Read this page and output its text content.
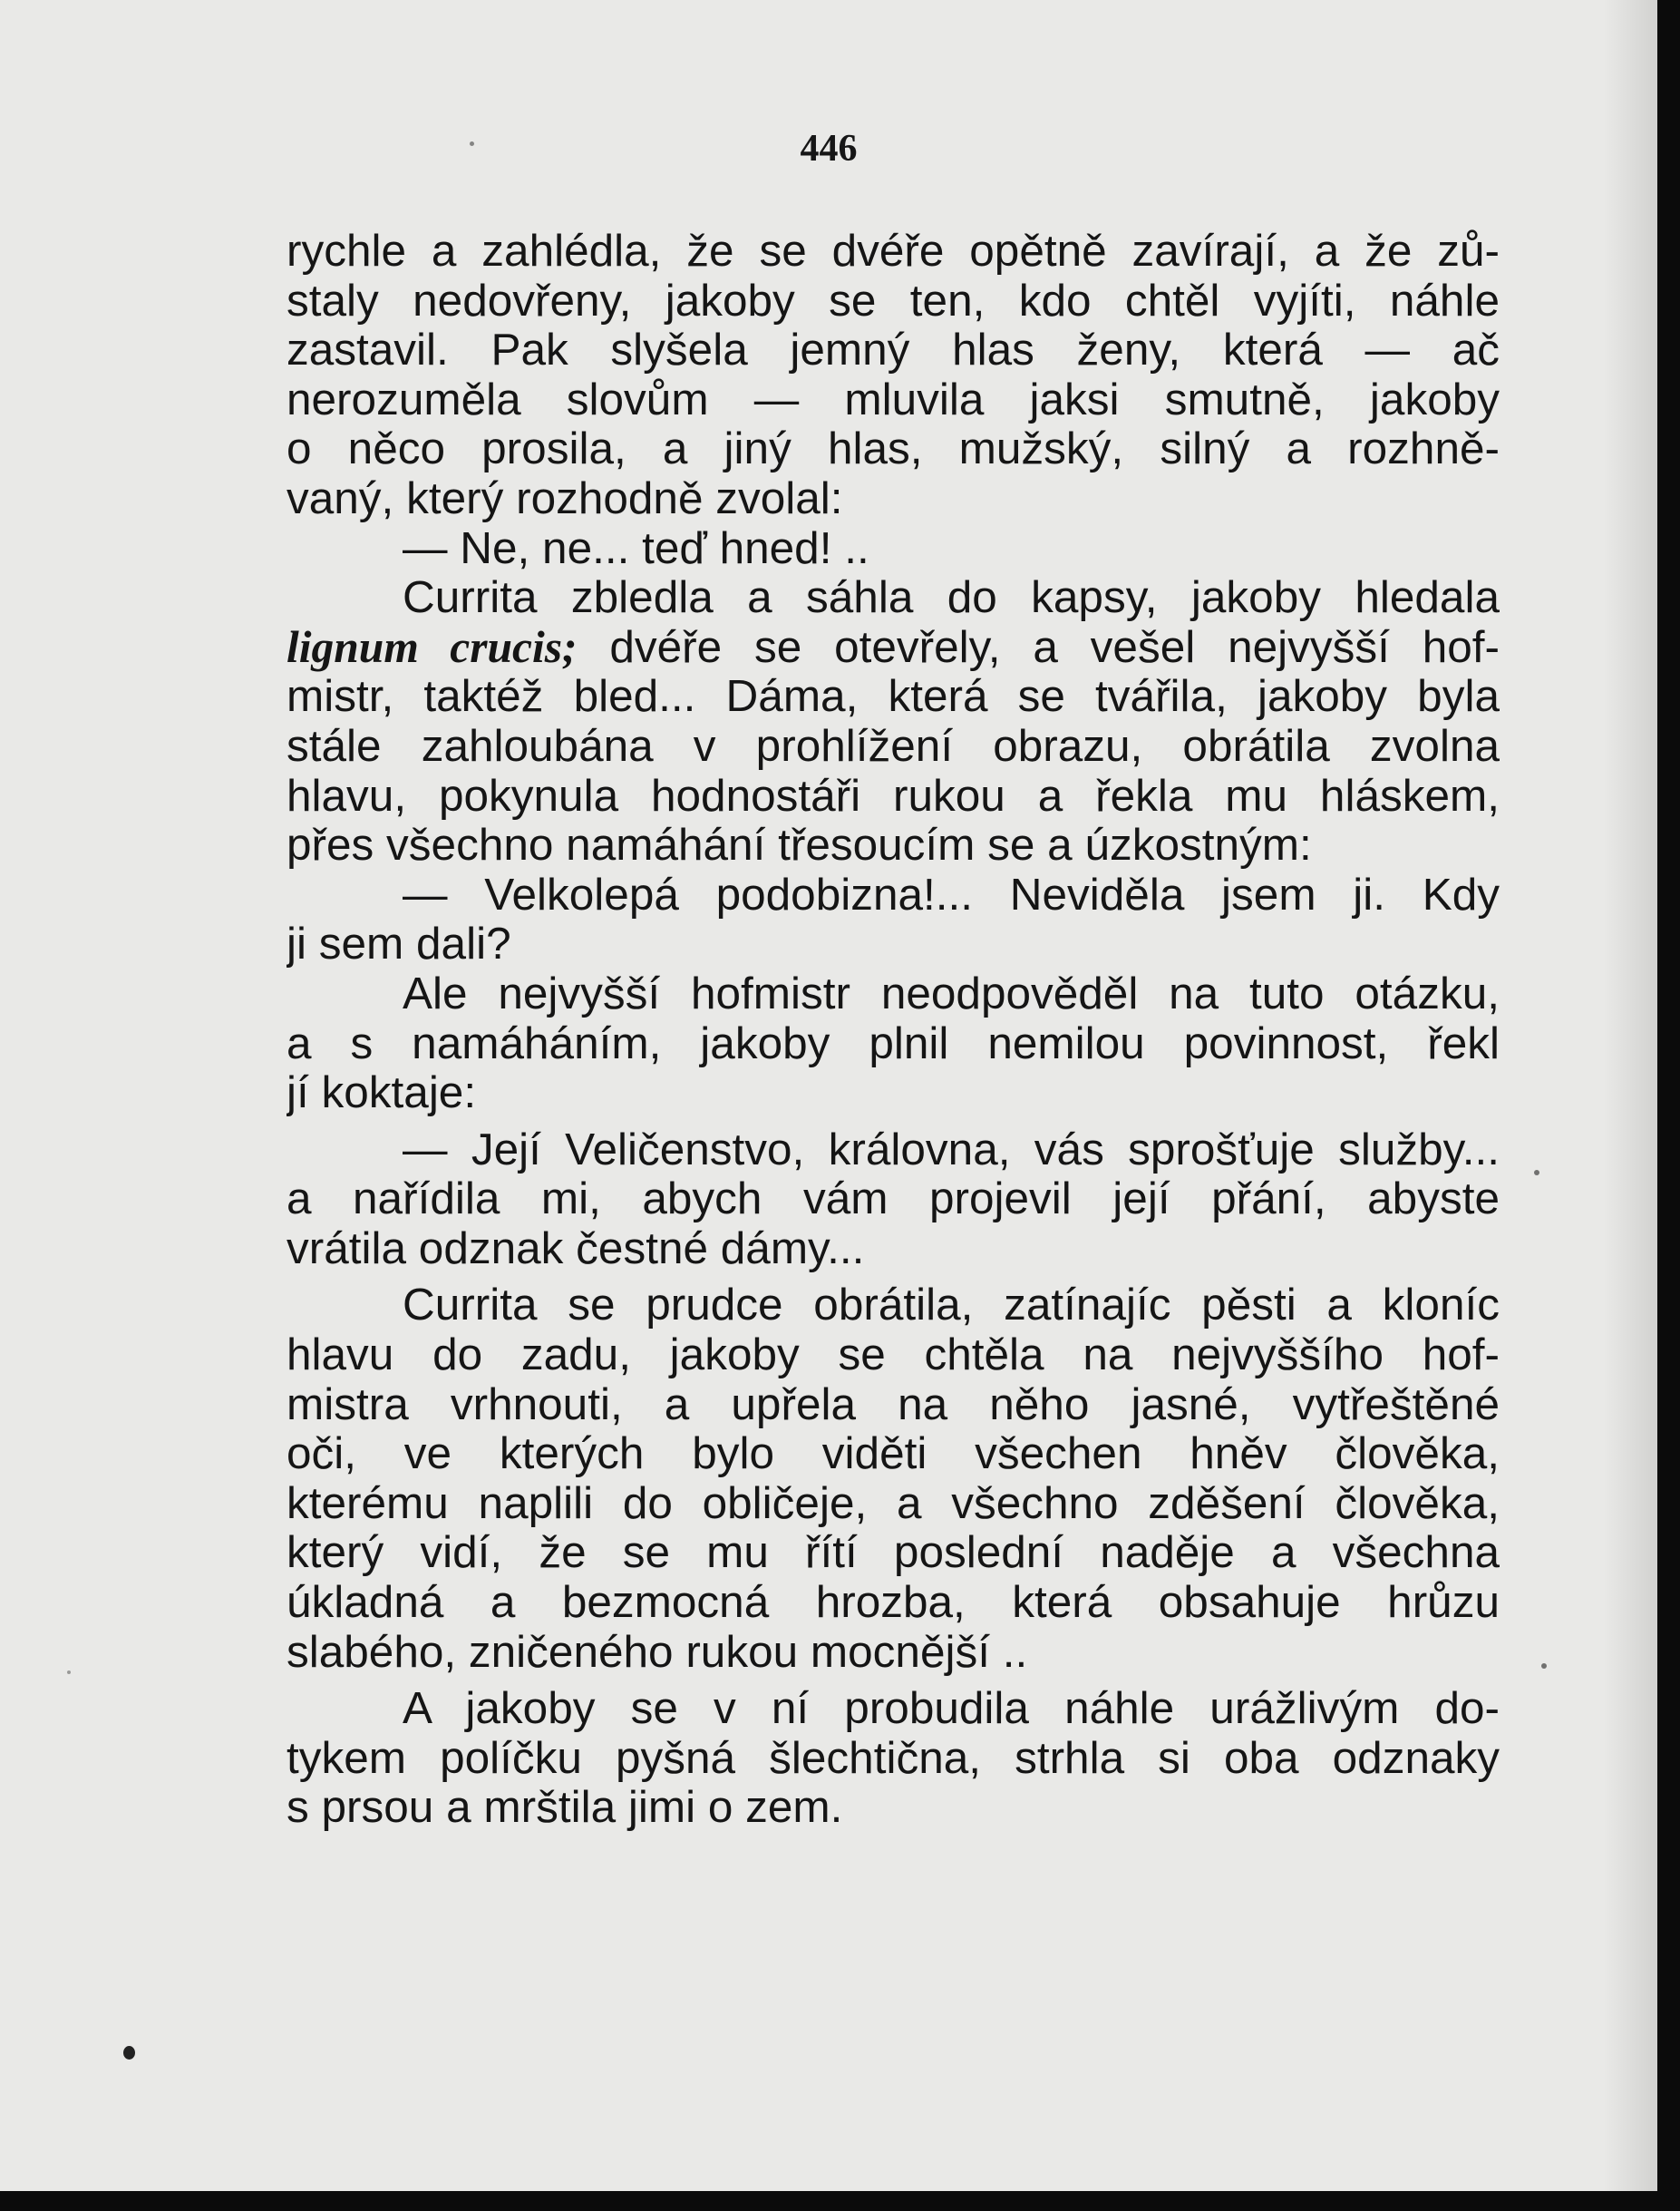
446
rychle a zahlédla, že se dvéře opětně zavírají, a že zů-
staly nedovřeny, jakoby se ten, kdo chtěl vyjíti, náhle
zastavil. Pak slyšela jemný hlas ženy, která — ač
nerozuměla slovům — mluvila jaksi smutně, jakoby
o něco prosila, a jiný hlas, mužský, silný a rozhně-
vaný, který rozhodně zvolal:
— Ne, ne... teď hned! ..
Currita zbledla a sáhla do kapsy, jakoby hledala
lignum crucis; dvéře se otevřely, a vešel nejvyšší hof-
mistr, taktéž bled... Dáma, která se tvářila, jakoby byla
stále zahloubána v prohlížení obrazu, obrátila zvolna
hlavu, pokynula hodnostáři rukou a řekla mu hláskem,
přes všechno namáhání třesoucím se a úzkostným:
— Velkolepá podobizna!... Neviděla jsem ji. Kdy
ji sem dali?
Ale nejvyšší hofmistr neodpověděl na tuto otázku,
a s namáháním, jakoby plnil nemilou povinnost, řekl
jí koktaje:
— Její Veličenstvo, královna, vás sprošťuje služby...
a nařídila mi, abych vám projevil její přání, abyste
vrátila odznak čestné dámy...
Currita se prudce obrátila, zatínajíc pěsti a kloníc
hlavu do zadu, jakoby se chtěla na nejvyššího hof-
mistra vrhnouti, a upřela na něho jasné, vytřeštěné
oči, ve kterých bylo viděti všechen hněv člověka,
kterému naplili do obličeje, a všechno zděšení člověka,
který vidí, že se mu řítí poslední naděje a všechna
úkladná a bezmocná hrozba, která obsahuje hrůzu
slabého, zničeného rukou mocnější ..
A jakoby se v ní probudila náhle urážlivým do-
tykem políčku pyšná šlechtična, strhla si oba odznaky
s prsou a mrštila jimi o zem.
